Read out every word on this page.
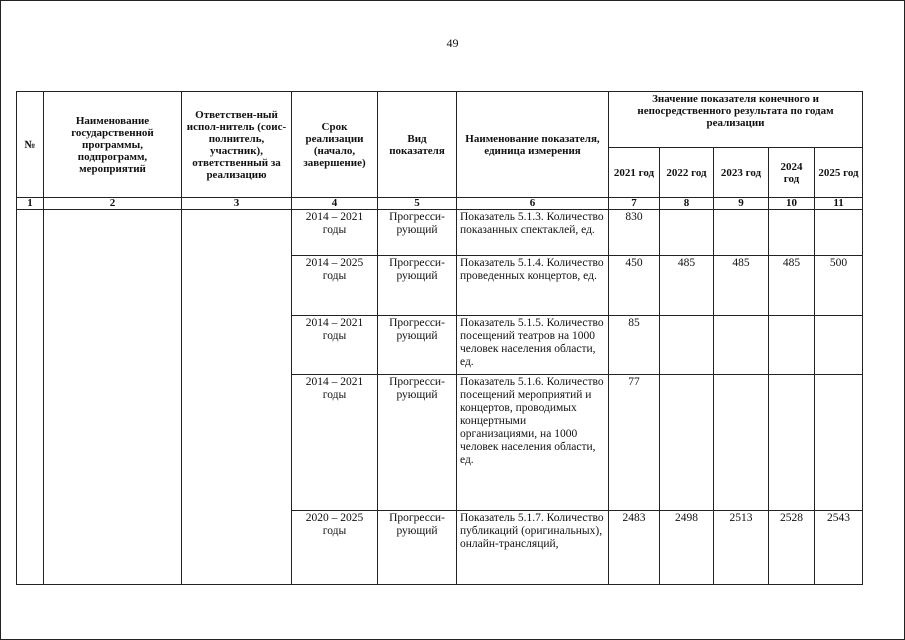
49
№	Наименование государственной программы, подпрограмм, мероприятий	Ответствен-ный испол-нитель (соис-полнитель, участник), ответственный за реализацию	Срок реализации (начало, завершение)	Вид показателя	Наименование показателя, единица измерения	Значение показателя конечного и непосредственного результата по годам реализации				
						2021 год	2022 год	2023 год	2024 год	2025 год
1	2	3	4	5	6	7	8	9	10	11
			2014 – 2021 годы	Прогресси-рующий	Показатель 5.1.3. Количество показанных спектаклей, ед.	830				
			2014 – 2025 годы	Прогресси-рующий	Показатель 5.1.4. Количество проведенных концертов, ед.	450	485	485	485	500
			2014 – 2021 годы	Прогресси-рующий	Показатель 5.1.5. Количество посещений театров на 1000 человек населения области, ед.	85				
			2014 – 2021 годы	Прогресси-рующий	Показатель 5.1.6. Количество посещений мероприятий и концертов, проводимых концертными организациями, на 1000 человек населения области, ед.	77				
			2020 – 2025 годы	Прогресси-рующий	Показатель 5.1.7. Количество публикаций (оригинальных), онлайн-трансляций,	2483	2498	2513	2528	2543
